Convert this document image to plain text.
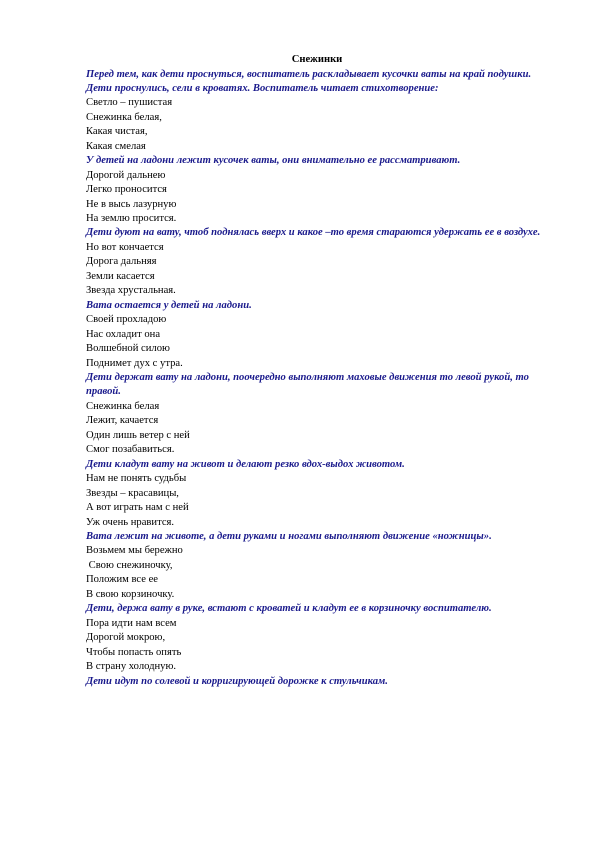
Снежинки
Перед тем, как дети проснуться, воспитатель раскладывает кусочки ваты на край подушки.
Дети проснулись, сели в кроватях. Воспитатель читает стихотворение:
Светло – пушистая
Снежинка белая,
Какая чистая,
Какая смелая
У детей на ладони лежит кусочек ваты, они внимательно ее рассматривают.
Дорогой дальнею
Легко проносится
Не в высь лазурную
На землю просится.
Дети дуют на вату, чтоб поднялась вверх и какое –то время стараются удержать ее в воздухе.
Но вот кончается
Дорога дальняя
Земли касается
Звезда хрустальная.
Вата остается у детей на ладони.
Своей прохладою
Нас охладит она
Волшебной силою
Поднимет дух с утра.
Дети держат вату на ладони, поочередно выполняют маховые движения то левой рукой, то правой.
Снежинка белая
Лежит, качается
Один лишь ветер с ней
Смог позабавиться.
Дети кладут вату на живот и делают резко вдох-выдох животом.
Нам не понять судьбы
Звезды – красавицы,
А вот играть нам с ней
Уж очень нравится.
Вата лежит на животе, а дети руками и ногами выполняют движение «ножницы».
Возьмем мы бережно
Свою снежиночку,
Положим все ее
В свою корзиночку.
Дети, держа вату в руке, встают с кроватей и кладут ее в корзиночку воспитателю.
Пора идти нам всем
Дорогой мокрою,
Чтобы попасть опять
В страну холодную.
Дети идут по солевой и корригирующей дорожке к стульчикам.
